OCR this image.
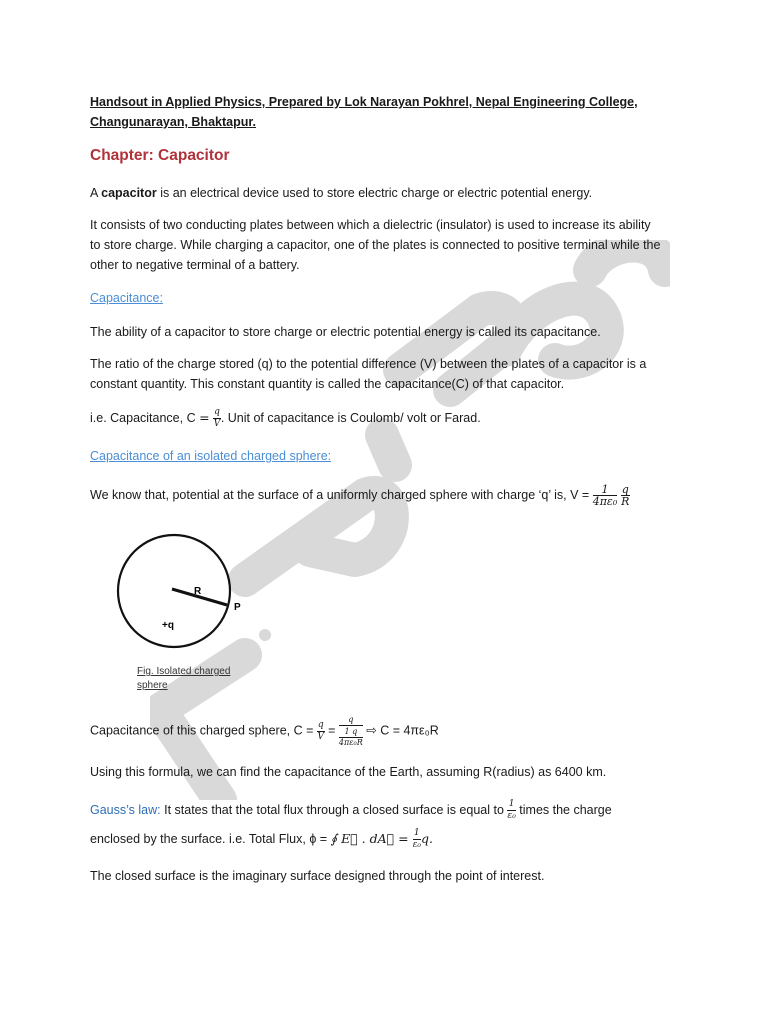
Handsout in Applied Physics, Prepared by Lok Narayan Pokhrel, Nepal Engineering College,
Changunarayan, Bhaktapur.
Chapter: Capacitor
A capacitor is an electrical device used to store electric charge or electric potential energy.
It consists of two conducting plates between which a dielectric (insulator) is used to increase its ability
to store charge. While charging a capacitor, one of the plates is connected to positive terminal while the
other to negative terminal of a battery.
Capacitance:
The ability of a capacitor to store charge or electric potential energy is called its capacitance.
The ratio of the charge stored (q) to the potential difference (V) between the plates of a capacitor is a
constant quantity. This constant quantity is called the capacitance(C) of that capacitor.
i.e. Capacitance, $C = \frac{q}{V}$ . Unit of capacitance is Coulomb/ volt or Farad.
Capacitance of an isolated charged sphere:
We know that, potential at the surface of a uniformly charged sphere with charge ‘q’ is, $V = \frac{1}{\text{4πε₀}}$
$\frac{q}{R}$
R
P
+q
Fig. Isolated charged
sphere
Capacitance of this charged sphere, $C = \frac{q}{V}$ =
q
1 q
4πε₀R
⇨ C = 4πε₀R
Using this formula, we can find the capacitance of the Earth, assuming R(radius) as 6400 km.
Gauss’s law: It states that the total flux through a closed surface is equal to $\frac{1}{\text{ε₀}}$ times the charge
enclosed by the surface. i.e. Total Flux, ϕ = ∮ E⃗ . dA⃗ = $\frac{1}{\text{ε₀}} q$.
The closed surface is the imaginary surface designed through the point of interest.
